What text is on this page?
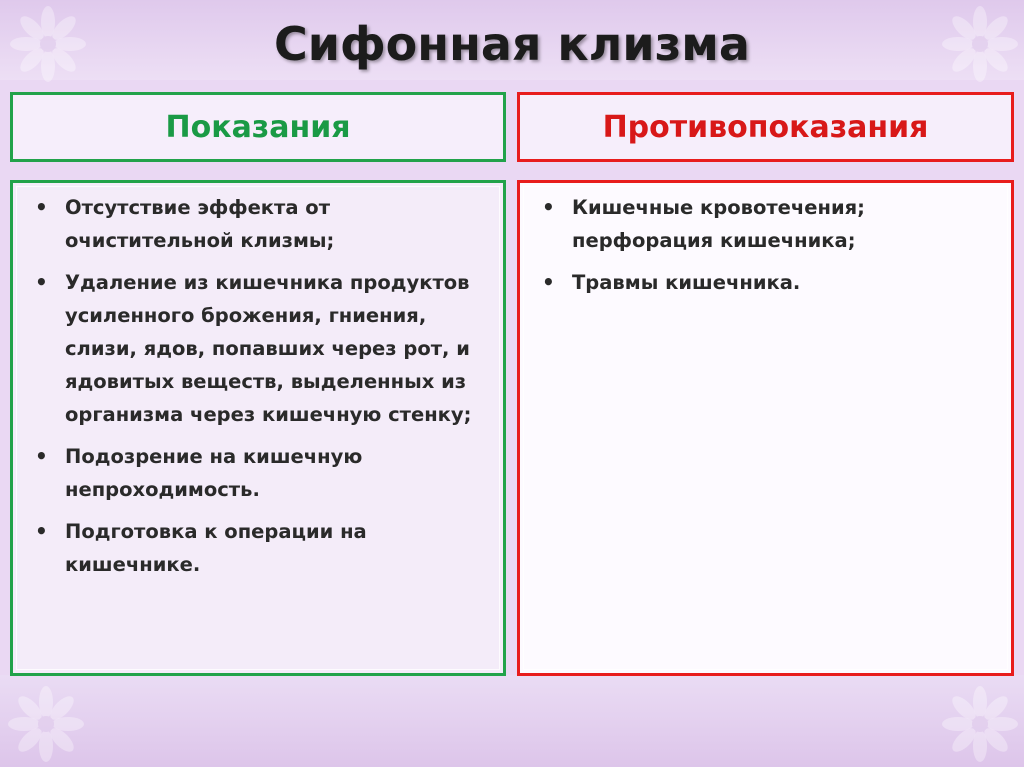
Сифонная клизма
Показания	Противопоказания
• Отсутствие эффекта от очистительной клизмы;
• Удаление из кишечника продуктов усиленного брожения, гниения, слизи, ядов, попавших через рот, и ядовитых веществ, выделенных из организма через кишечную стенку;
• Подозрение на кишечную непроходимость.
• Подготовка к операции на кишечнике.
• Кишечные кровотечения; перфорация кишечника;
• Травмы кишечника.
